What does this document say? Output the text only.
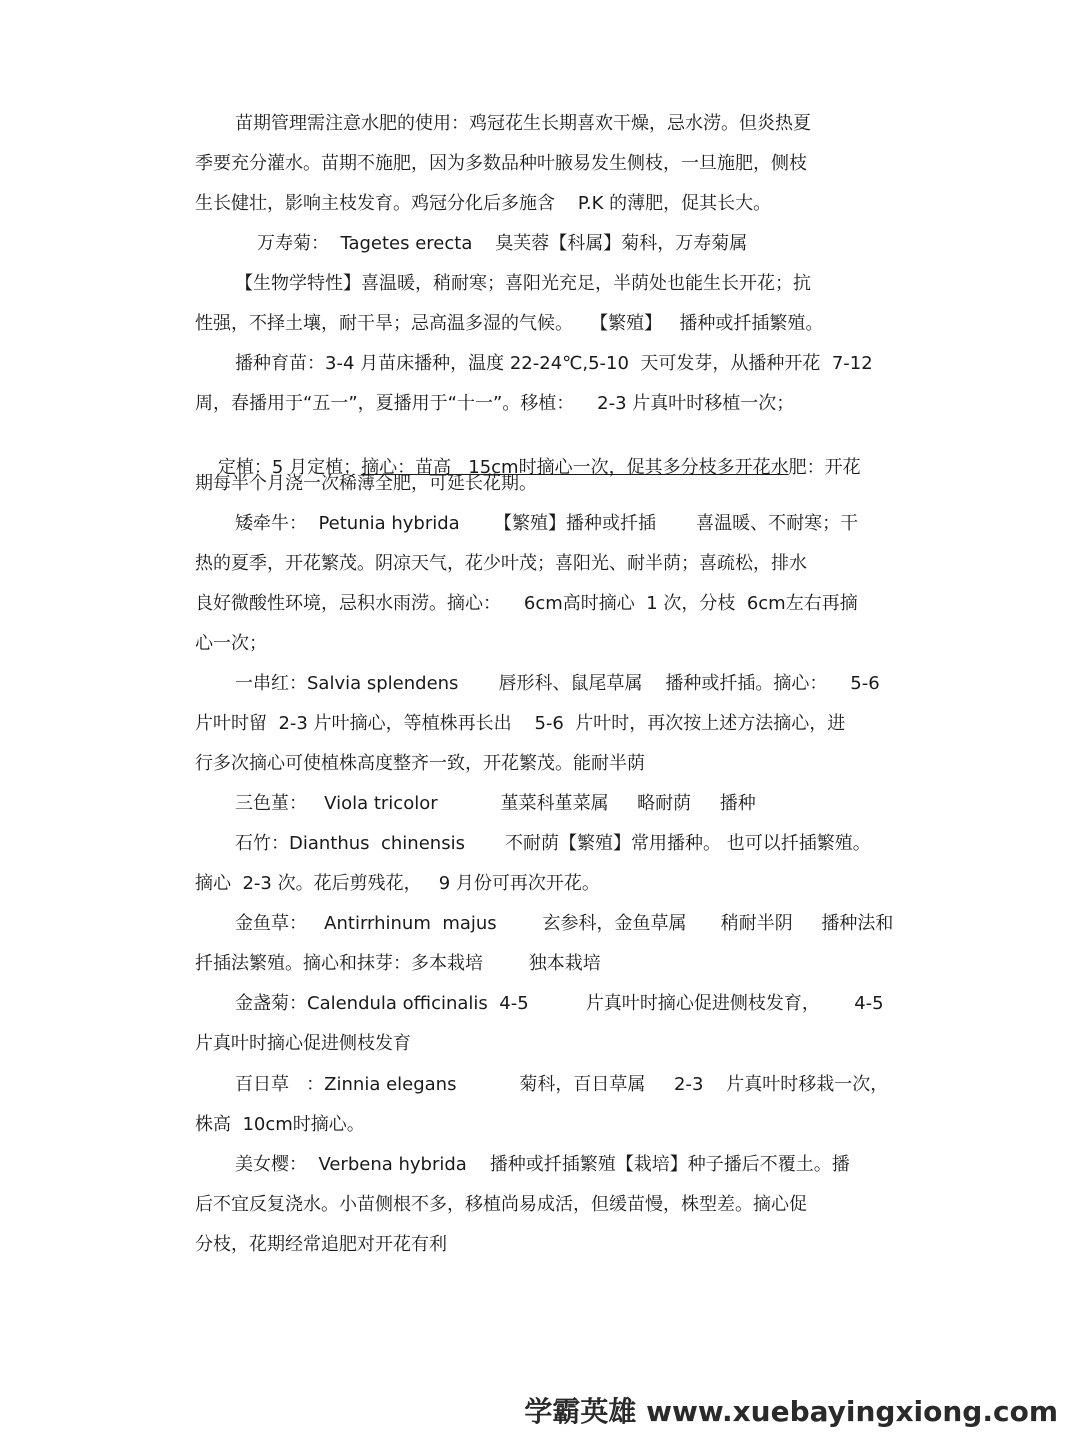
苗期管理需注意水肥的使用：鸡冠花生长期喜欢干燥，忌水涝。但炎热夏
季要充分灌水。苗期不施肥，因为多数品种叶腋易发生侧枝，一旦施肥，侧枝
生长健壮，影响主枝发育。鸡冠分化后多施含    P.K 的薄肥，促其长大。
万寿菊：  Tagetes erecta    臭芙蓉【科属】菊科，万寿菊属
【生物学特性】喜温暖，稍耐寒；喜阳光充足，半荫处也能生长开花；抗
性强，不择土壤，耐干旱；忌高温多湿的气候。   【繁殖】   播种或扦插繁殖。
播种育苗：3-4 月苗床播种，温度 22-24℃,5-10  天可发芽，从播种开花  7-12
周，春播用于“五一”，夏播用于“十一”。移植：    2-3 片真叶时移植一次；

定植：5 月定植；摘心：苗高   15cm时摘心一次，促其多分枝多开花水肥：开花

期每半个月浇一次稀薄全肥，可延长花期。
矮牵牛：  Petunia hybrida      【繁殖】播种或扦插       喜温暖、不耐寒；干
热的夏季，开花繁茂。阴凉天气，花少叶茂；喜阳光、耐半荫；喜疏松，排水
良好微酸性环境，忌积水雨涝。摘心：    6cm高时摘心  1 次，分枝  6cm左右再摘
心一次；
一串红：Salvia splendens       唇形科、鼠尾草属    播种或扦插。摘心：    5-6
片叶时留  2-3 片叶摘心，等植株再长出    5-6  片叶时，再次按上述方法摘心，进
行多次摘心可使植株高度整齐一致，开花繁茂。能耐半荫
三色堇：   Viola tricolor           堇菜科堇菜属     略耐荫     播种
石竹：Dianthus  chinensis       不耐荫【繁殖】常用播种。 也可以扦插繁殖。
摘心  2-3 次。花后剪残花，   9 月份可再次开花。
金鱼草：   Antirrhinum  majus        玄参科，金鱼草属      稍耐半阴     播种法和
扦插法繁殖。摘心和抹芽：多本栽培        独本栽培
金盏菊：Calendula officinalis  4-5          片真叶时摘心促进侧枝发育，      4-5
片真叶时摘心促进侧枝发育
百日草   ：Zinnia elegans           菊科，百日草属     2-3    片真叶时移栽一次，
株高  10cm时摘心。
美女樱：  Verbena hybrida    播种或扦插繁殖【栽培】种子播后不覆土。播
后不宜反复浇水。小苗侧根不多，移植尚易成活，但缓苗慢，株型差。摘心促
分枝，花期经常追肥对开花有利
学霸英雄 www.xuebayingxiong.com
